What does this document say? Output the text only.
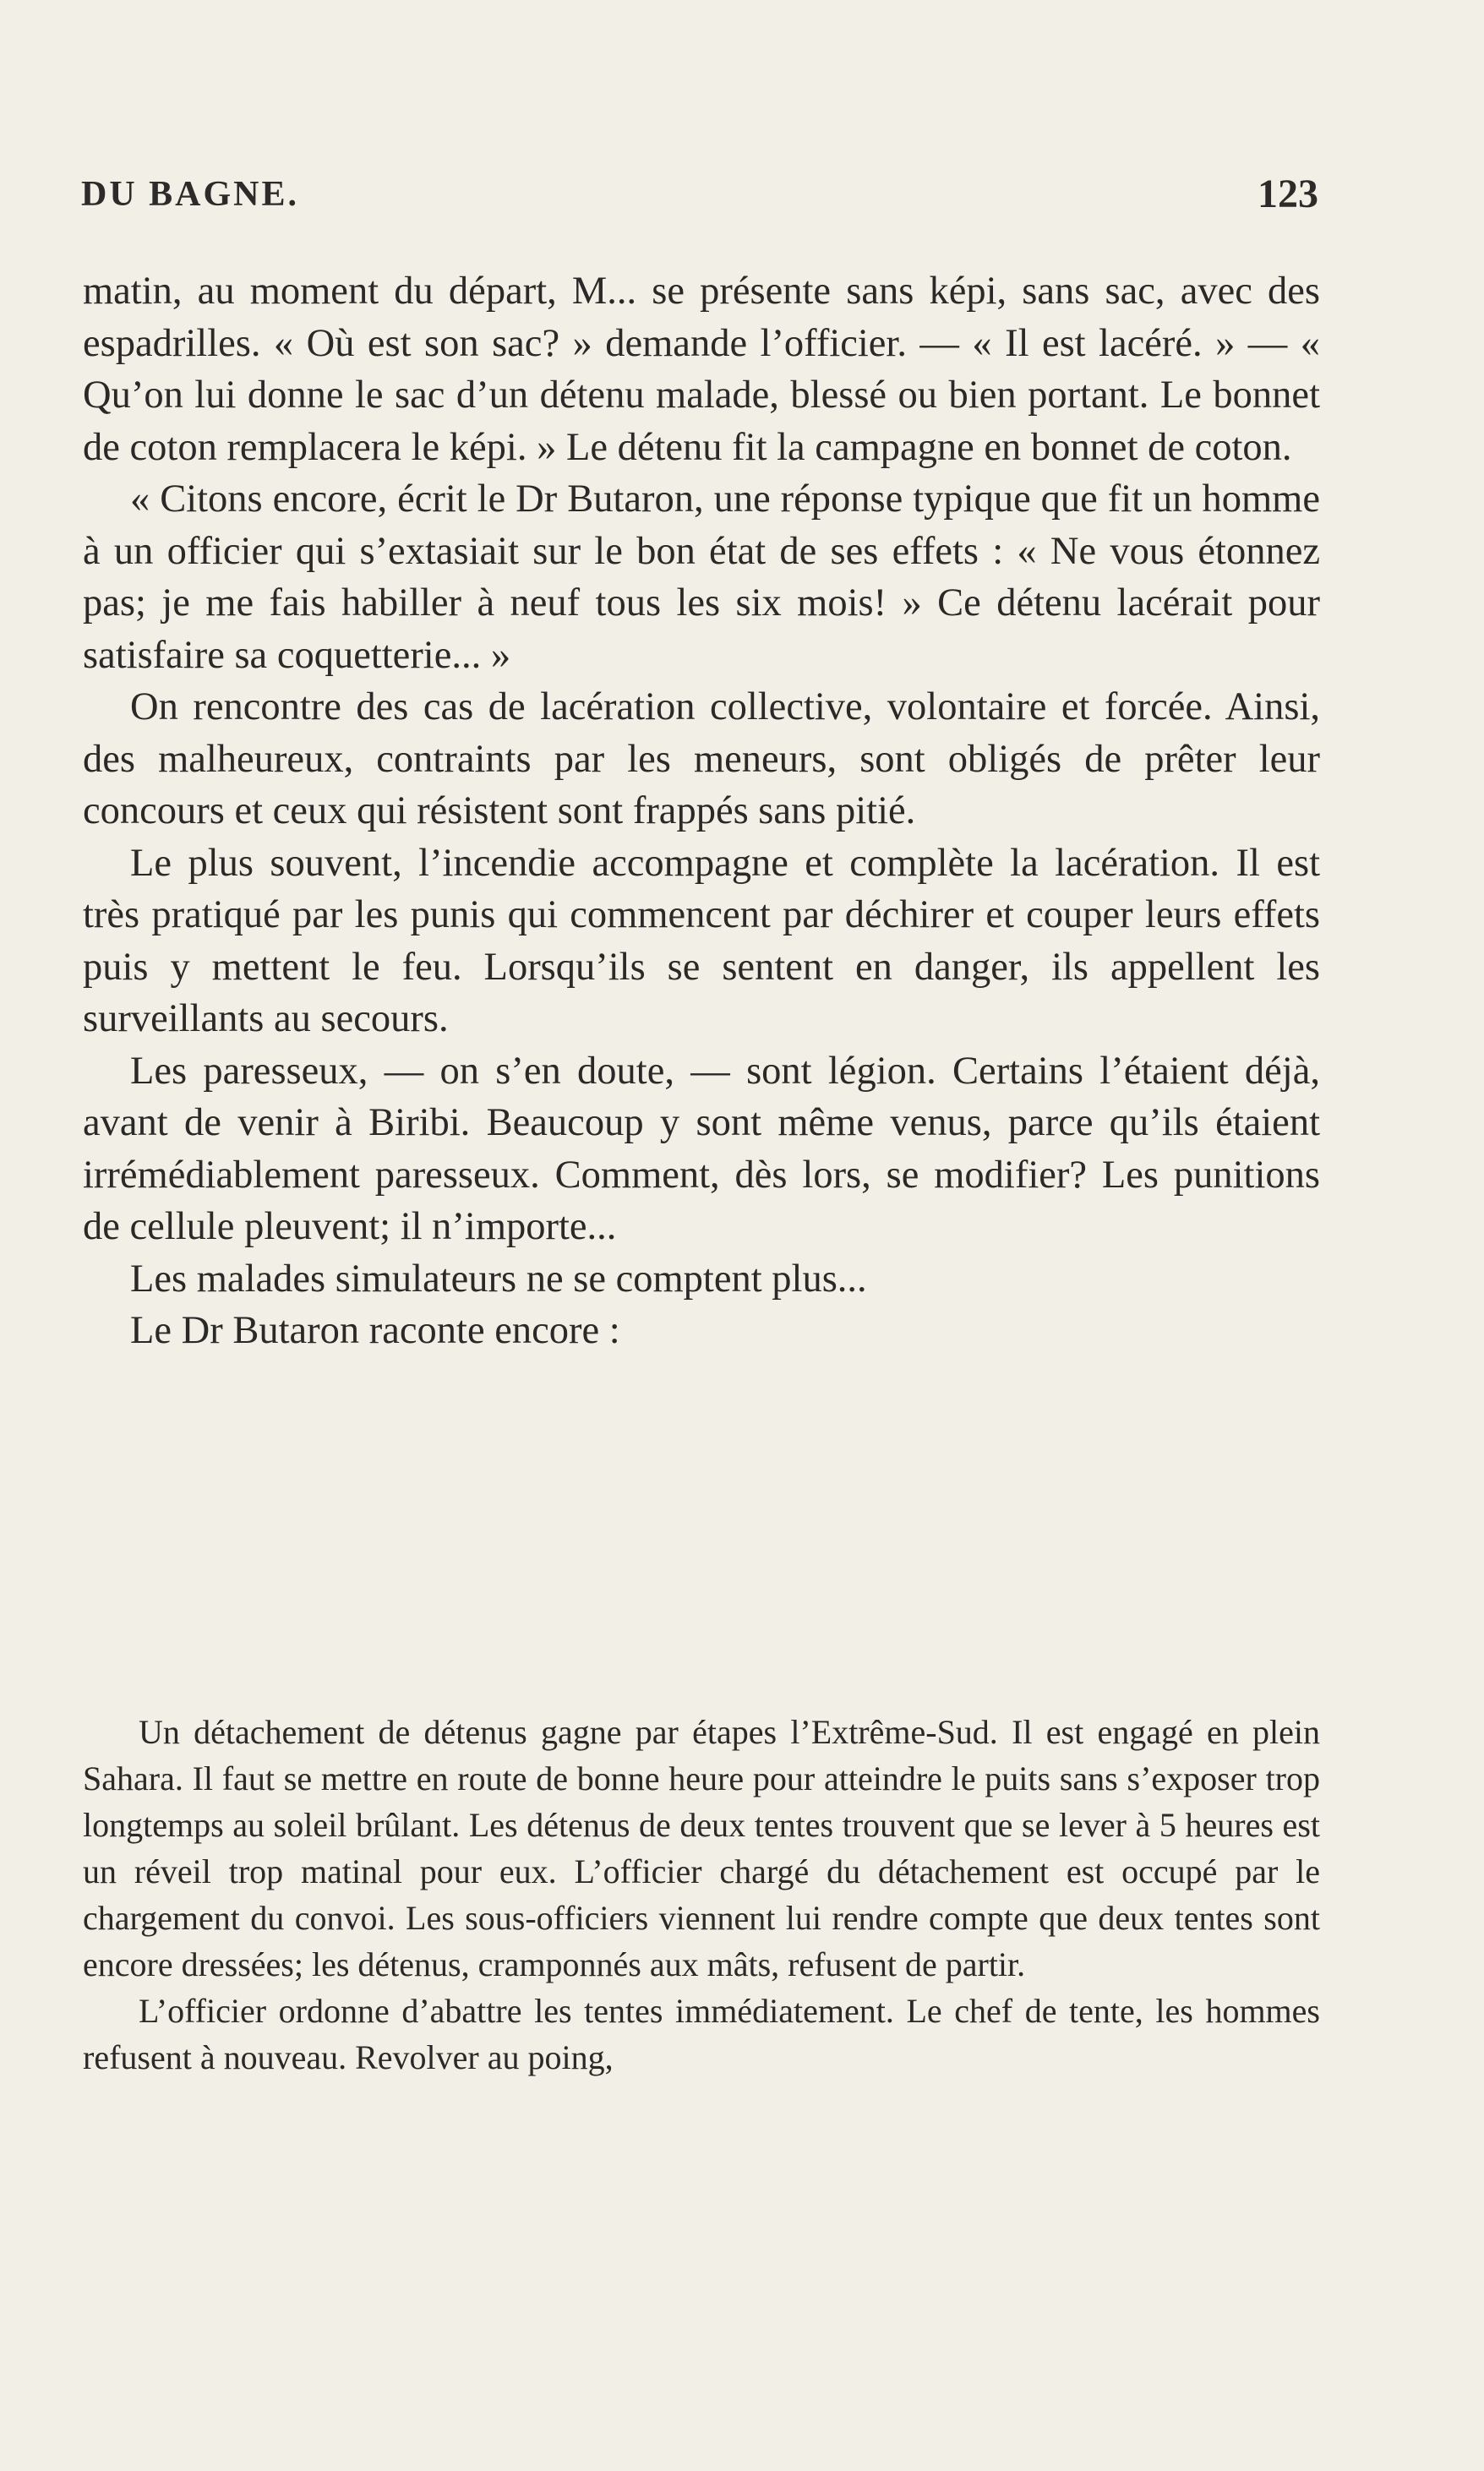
DU BAGNE.	123

matin, au moment du départ, M... se présente sans képi, sans sac, avec des espadrilles. « Où est son sac? » demande l’officier. — « Il est lacéré. » — « Qu’on lui donne le sac d’un détenu malade, blessé ou bien portant. Le bonnet de coton remplacera le képi. » Le détenu fit la campagne en bonnet de coton.

« Citons encore, écrit le Dr Butaron, une réponse typique que fit un homme à un officier qui s’extasiait sur le bon état de ses effets : « Ne vous étonnez pas; je me fais habiller à neuf tous les six mois! » Ce détenu lacérait pour satisfaire sa coquetterie... »

On rencontre des cas de lacération collective, volontaire et forcée. Ainsi, des malheureux, contraints par les meneurs, sont obligés de prêter leur concours et ceux qui résistent sont frappés sans pitié.

Le plus souvent, l’incendie accompagne et complète la lacération. Il est très pratiqué par les punis qui commencent par déchirer et couper leurs effets puis y mettent le feu. Lorsqu’ils se sentent en danger, ils appellent les surveillants au secours.

Les paresseux, — on s’en doute, — sont légion. Certains l’étaient déjà, avant de venir à Biribi. Beaucoup y sont même venus, parce qu’ils étaient irrémédiablement paresseux. Comment, dès lors, se modifier? Les punitions de cellule pleuvent; il n’importe...

Les malades simulateurs ne se comptent plus...

Le Dr Butaron raconte encore :

Un détachement de détenus gagne par étapes l’Extrême-Sud. Il est engagé en plein Sahara. Il faut se mettre en route de bonne heure pour atteindre le puits sans s’exposer trop longtemps au soleil brûlant. Les détenus de deux tentes trouvent que se lever à 5 heures est un réveil trop matinal pour eux. L’officier chargé du détachement est occupé par le chargement du convoi. Les sous-officiers viennent lui rendre compte que deux tentes sont encore dressées; les détenus, cramponnés aux mâts, refusent de partir.

L’officier ordonne d’abattre les tentes immédiatement. Le chef de tente, les hommes refusent à nouveau. Revolver au poing,
